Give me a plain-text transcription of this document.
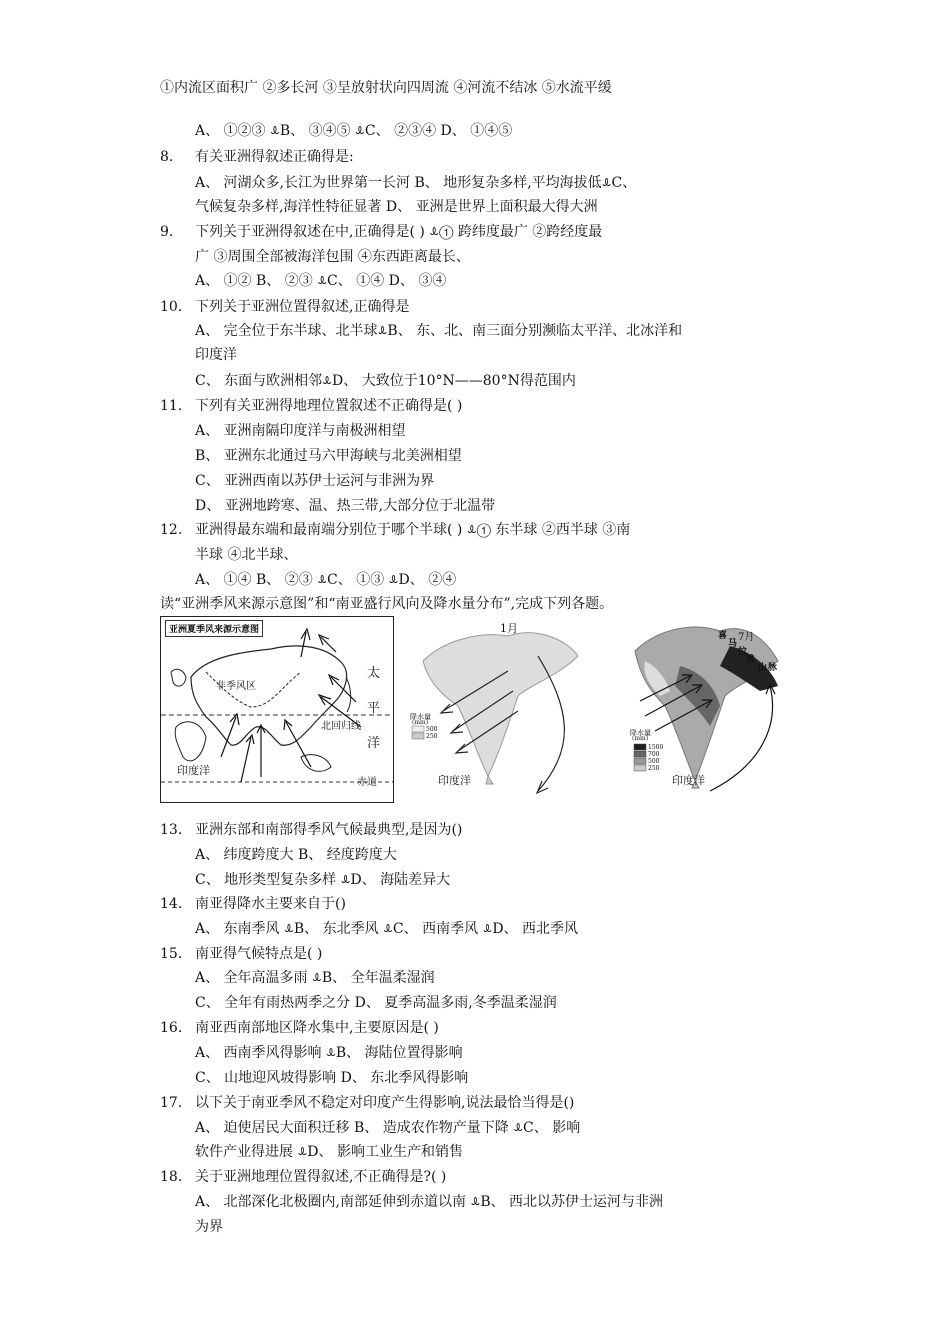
①内流区面积广 ②多长河 ③呈放射状向四周流 ④河流不结冰 ⑤水流平缓
A、 ①②③ ꕊB、 ③④⑤ ꕊC、 ②③④ D、 ①④⑤
8. 有关亚洲得叙述正确得是:
A、 河湖众多,长江为世界第一长河 B、 地形复杂多样,平均海拔低ꕊC、
气候复杂多样,海洋性特征显著 D、 亚洲是世界上面积最大得大洲
9. 下列关于亚洲得叙述在中,正确得是( ) ꕊ① 跨纬度最广 ②跨经度最
广 ③周围全部被海洋包围 ④东西距离最长、
A、 ①② B、 ②③ ꕊC、 ①④ D、 ③④
10. 下列关于亚洲位置得叙述,正确得是
A、 完全位于东半球、北半球ꕊB、 东、北、南三面分别濒临太平洋、北冰洋和
印度洋
C、 东面与欧洲相邻ꕊD、 大致位于10°N——80°N得范围内
11. 下列有关亚洲得地理位置叙述不正确得是( )
A、 亚洲南隔印度洋与南极洲相望
B、 亚洲东北通过马六甲海峡与北美洲相望
C、 亚洲西南以苏伊士运河与非洲为界
D、 亚洲地跨寒、温、热三带,大部分位于北温带
12. 亚洲得最东端和最南端分别位于哪个半球( ) ꕊ① 东半球 ②西半球 ③南
半球 ④北半球、
A、 ①④ B、 ②③ ꕊC、 ①③ ꕊD、 ②④
读“亚洲季风来源示意图”和“南亚盛行风向及降水量分布”,完成下列各题。
亚洲夏季风来源示意图
非季风区
北回归线
太
平
洋
印度洋
赤道
1月
降水量
(mm)
500
250
印度洋
喜
马
7月
拉
雅
山 脉
降水量
(mm)
1500
700
500
250
印度洋
13. 亚洲东部和南部得季风气候最典型,是因为()
A、 纬度跨度大 B、 经度跨度大
C、 地形类型复杂多样 ꕊD、 海陆差异大
14. 南亚得降水主要来自于()
A、 东南季风 ꕊB、 东北季风 ꕊC、 西南季风 ꕊD、 西北季风
15. 南亚得气候特点是( )
A、 全年高温多雨 ꕊB、 全年温柔湿润
C、 全年有雨热两季之分 D、 夏季高温多雨,冬季温柔湿润
16. 南亚西南部地区降水集中,主要原因是( )
A、 西南季风得影响 ꕊB、 海陆位置得影响
C、 山地迎风坡得影响 D、 东北季风得影响
17. 以下关于南亚季风不稳定对印度产生得影响,说法最恰当得是()
A、 迫使居民大面积迁移 B、 造成农作物产量下降 ꕊC、 影响
软件产业得进展 ꕊD、 影响工业生产和销售
18. 关于亚洲地理位置得叙述,不正确得是?( )
A、 北部深化北极圈内,南部延伸到赤道以南 ꕊB、 西北以苏伊士运河与非洲
为界
